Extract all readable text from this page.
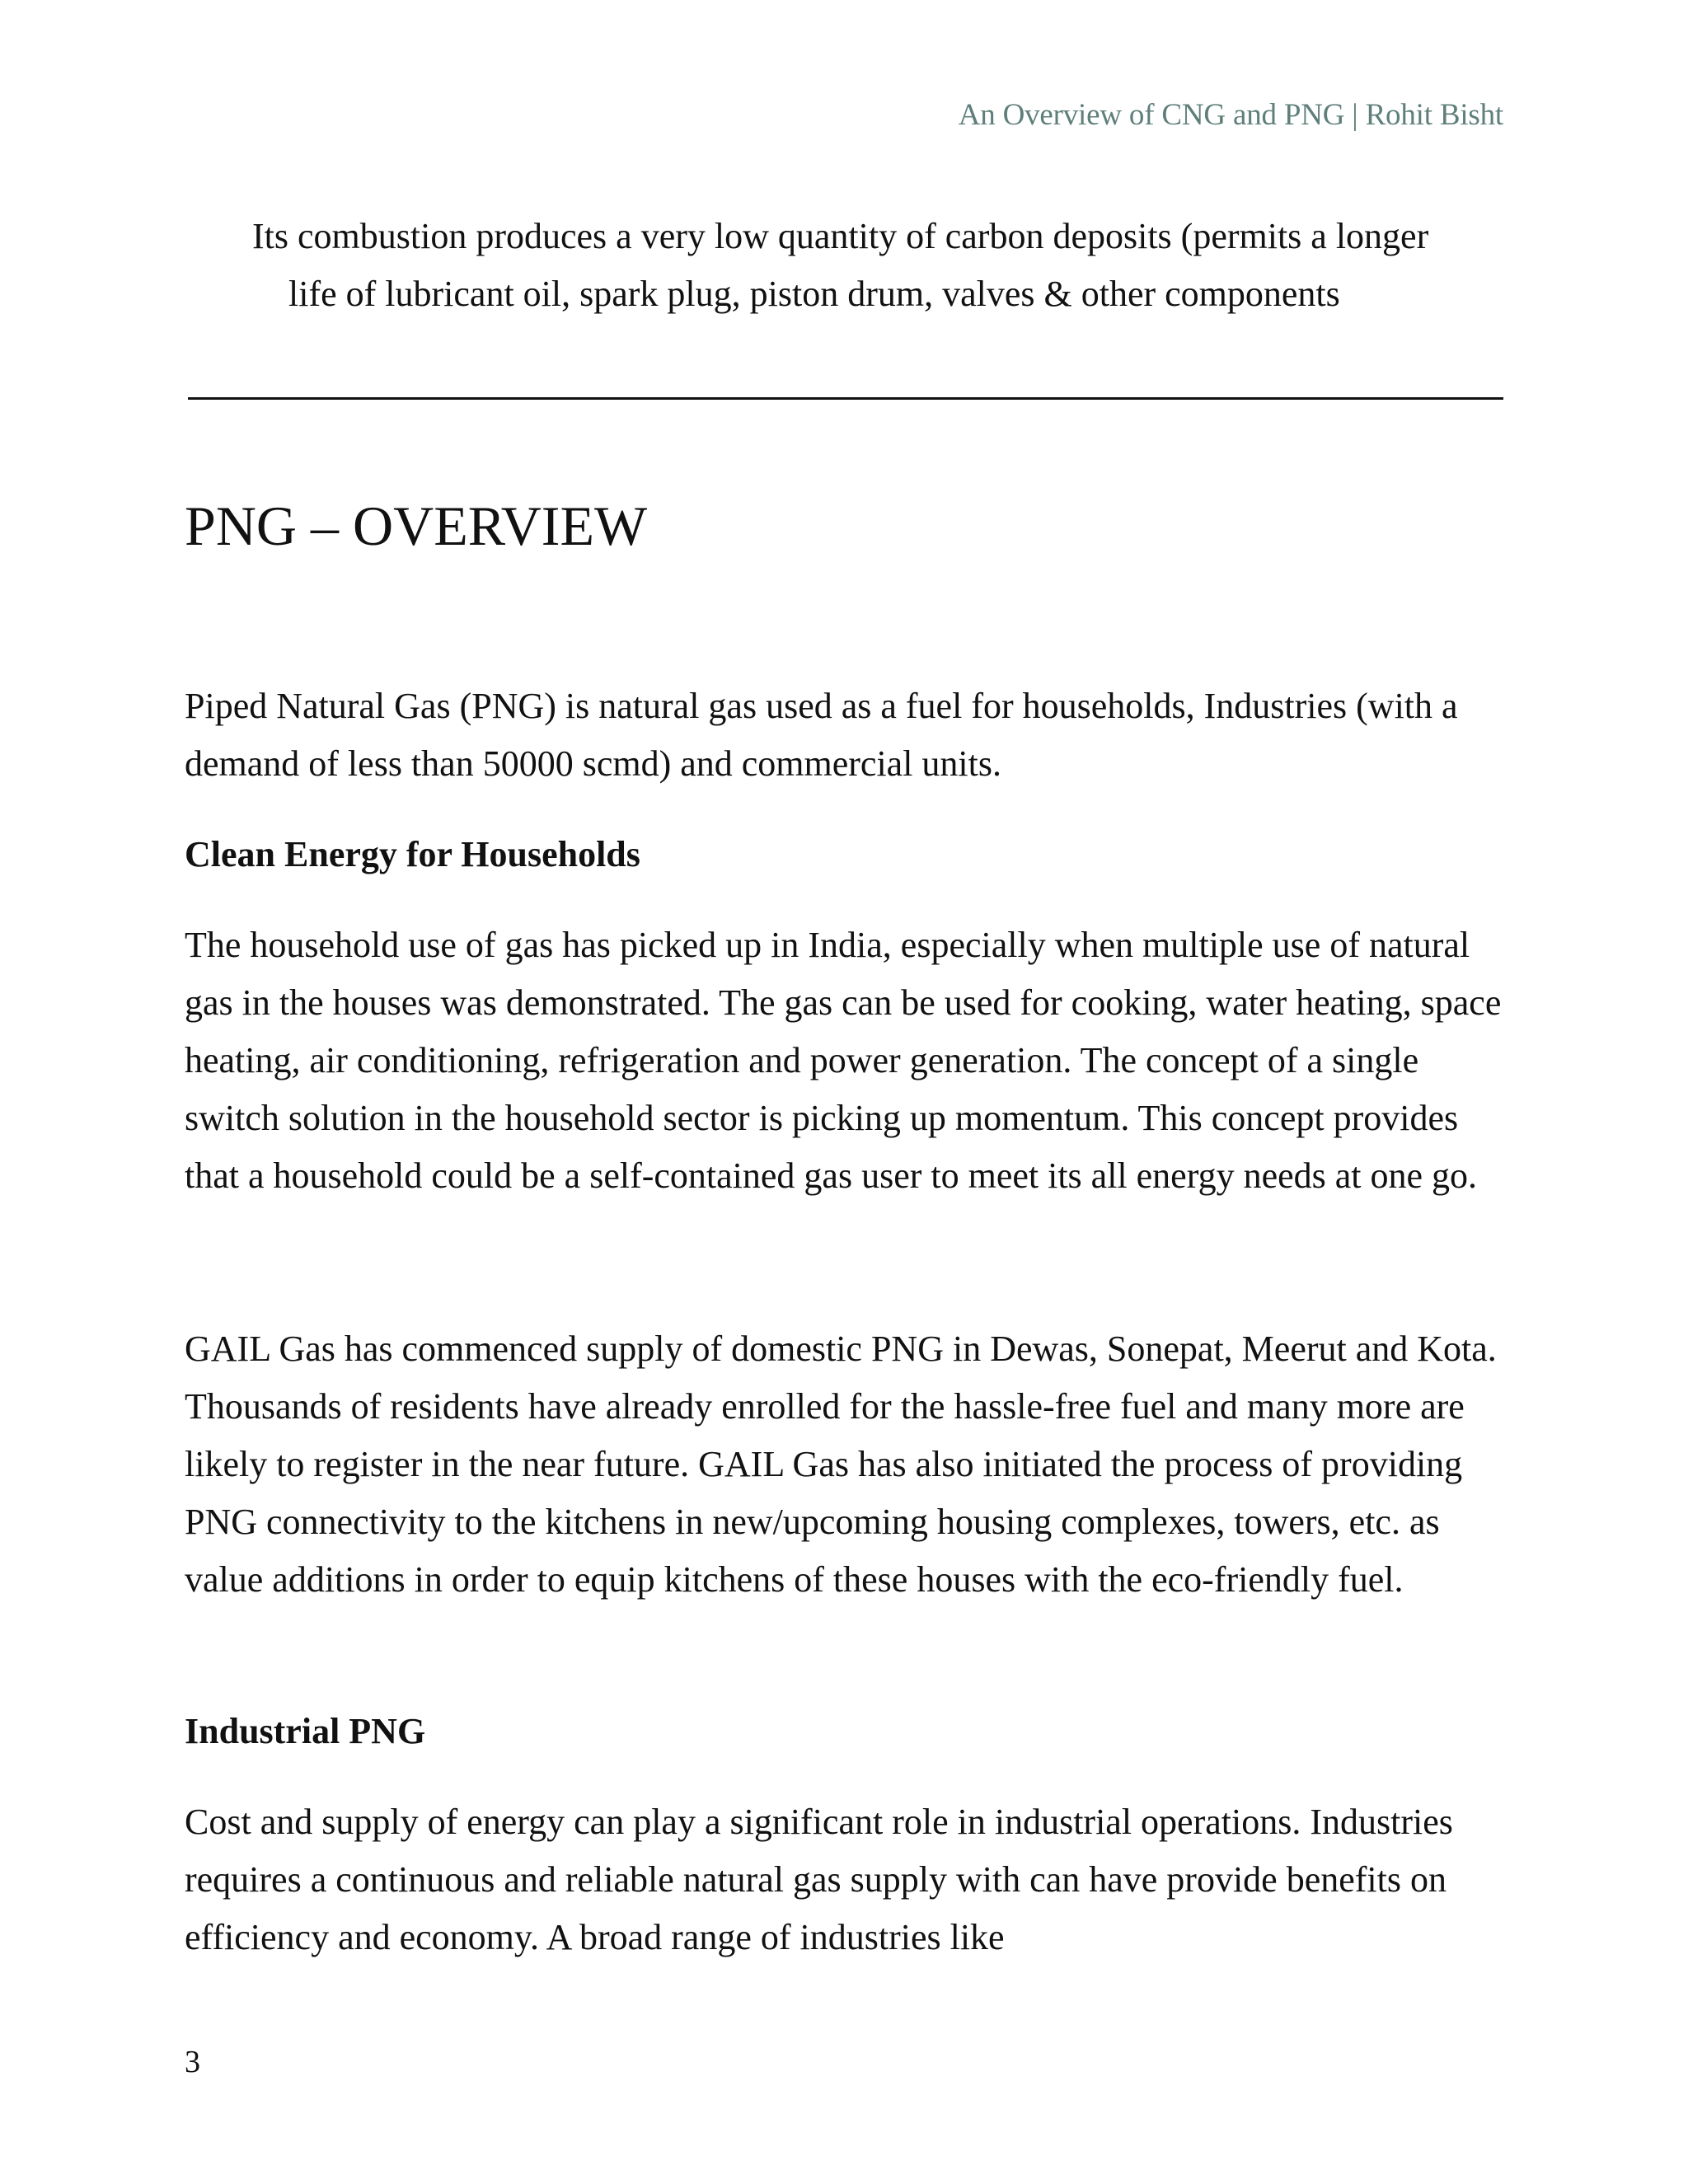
An Overview of CNG and PNG | Rohit Bisht

Its combustion produces a very low quantity of carbon deposits (permits a longer life of lubricant oil, spark plug, piston drum, valves & other components

PNG – OVERVIEW

Piped Natural Gas (PNG) is natural gas used as a fuel for households, Industries (with a demand of less than 50000 scmd) and commercial units.

Clean Energy for Households

The household use of gas has picked up in India, especially when multiple use of natural gas in the houses was demonstrated. The gas can be used for cooking, water heating, space heating, air conditioning, refrigeration and power generation. The concept of a single switch solution in the household sector is picking up momentum. This concept provides that a household could be a self-contained gas user to meet its all energy needs at one go.

GAIL Gas has commenced supply of domestic PNG in Dewas, Sonepat, Meerut and Kota. Thousands of residents have already enrolled for the hassle-free fuel and many more are likely to register in the near future. GAIL Gas has also initiated the process of providing PNG connectivity to the kitchens in new/upcoming housing complexes, towers, etc. as value additions in order to equip kitchens of these houses with the eco-friendly fuel.

Industrial PNG

Cost and supply of energy can play a significant role in industrial operations. Industries requires a continuous and reliable natural gas supply with can have provide benefits on efficiency and economy. A broad range of industries like

3
